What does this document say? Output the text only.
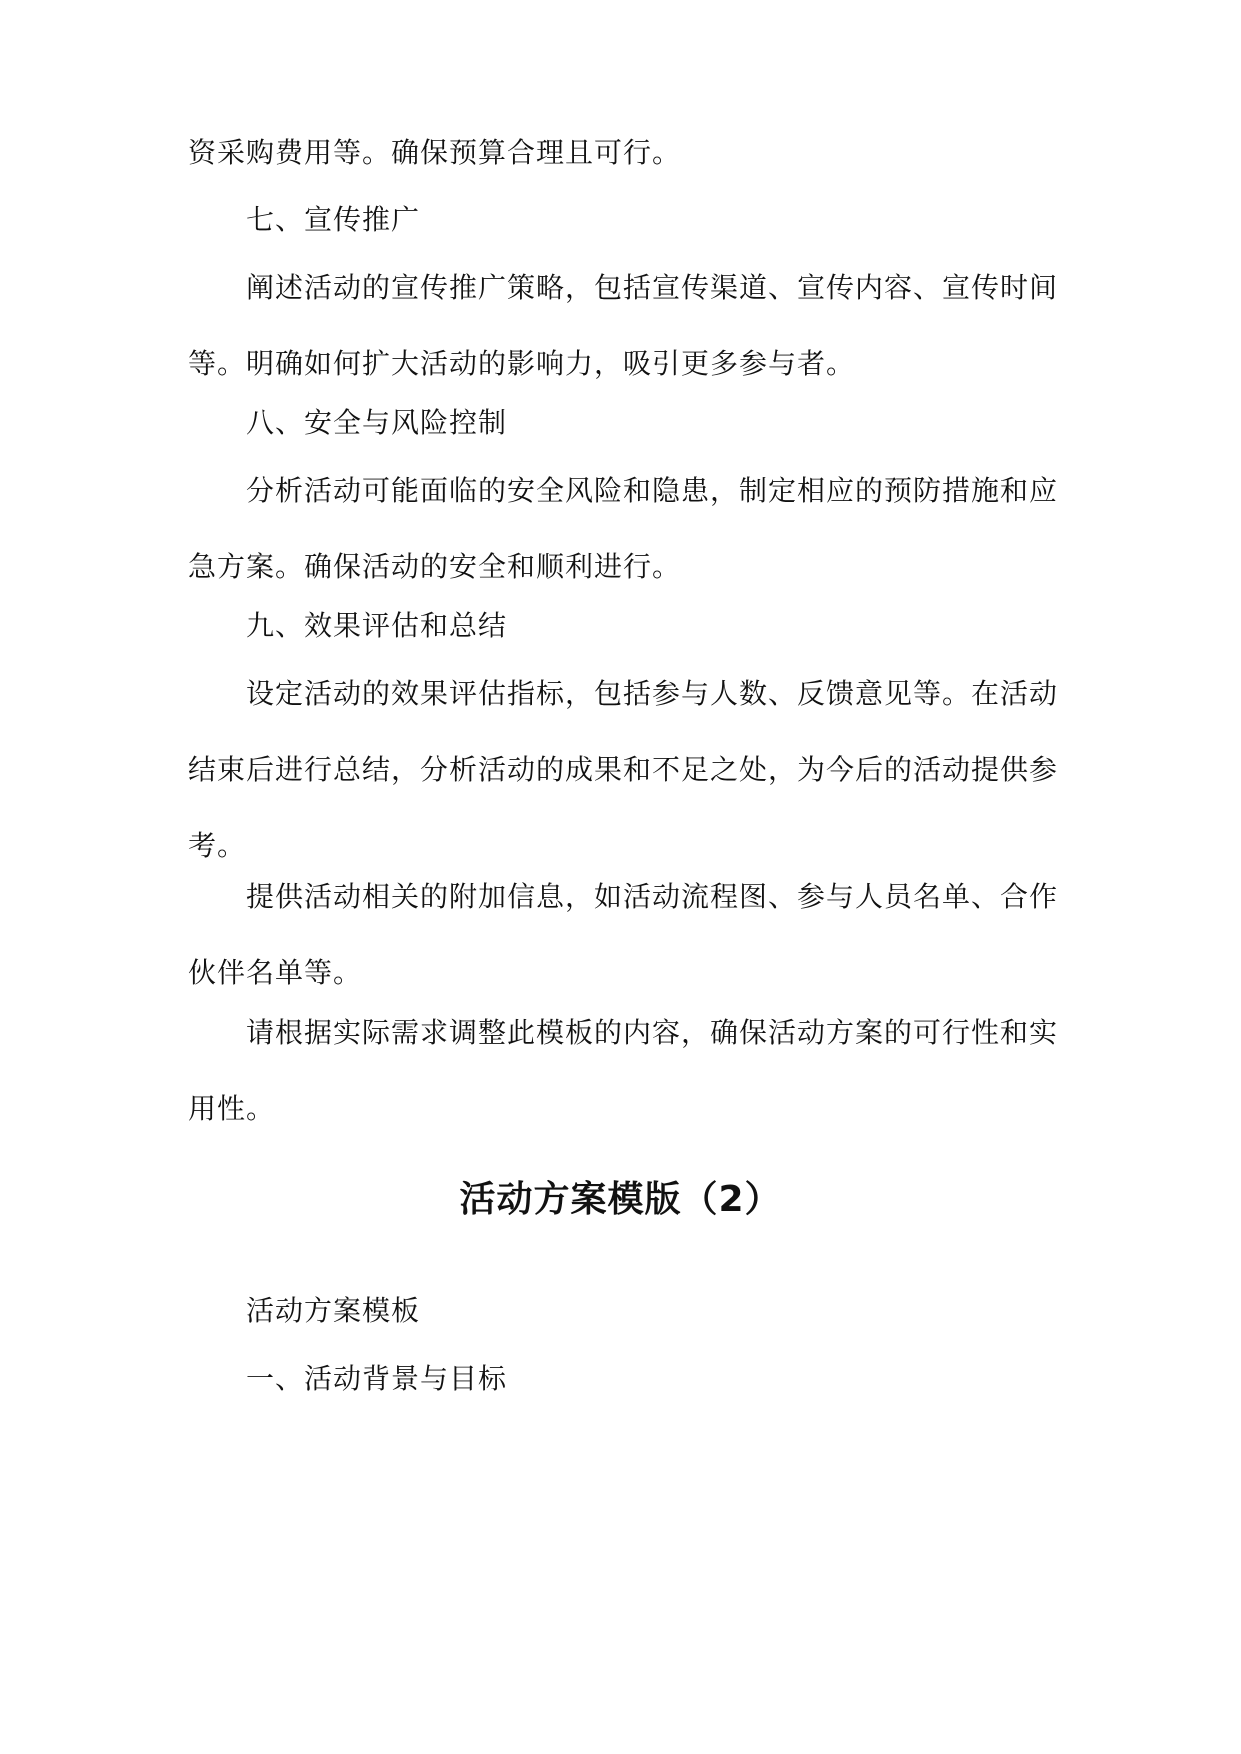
资采购费用等。确保预算合理且可行。

七、宣传推广

阐述活动的宣传推广策略，包括宣传渠道、宣传内容、宣传时间等。明确如何扩大活动的影响力，吸引更多参与者。

八、安全与风险控制

分析活动可能面临的安全风险和隐患，制定相应的预防措施和应急方案。确保活动的安全和顺利进行。

九、效果评估和总结

设定活动的效果评估指标，包括参与人数、反馈意见等。在活动结束后进行总结，分析活动的成果和不足之处，为今后的活动提供参考。

提供活动相关的附加信息，如活动流程图、参与人员名单、合作伙伴名单等。

请根据实际需求调整此模板的内容，确保活动方案的可行性和实用性。

活动方案模版（2）

活动方案模板

一、活动背景与目标
